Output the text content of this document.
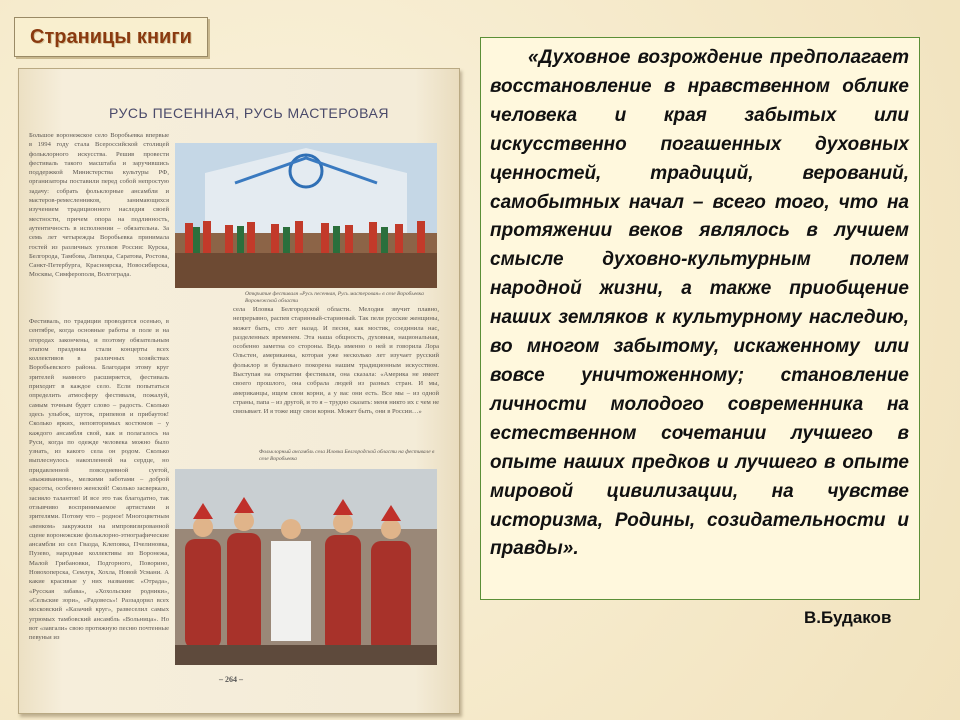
Страницы книги
РУСЬ ПЕСЕННАЯ, РУСЬ МАСТЕРОВАЯ
Большое воронежское село Воробьевка впервые в 1994 году стала Всероссийской столицей фольклорного искусства. Решив провести фестиваль такого масштаба и заручившись поддержкой Министерства культуры РФ, организаторы поставили перед собой непростую задачу: собрать фольклорные ансамбли и мастеров-ремесленников, занимающихся изучением традиционного наследия своей местности, причем опора на подлинность, аутентичность в исполнении – обязательна. За семь лет четырежды Воробьевка принимала гостей из различных уголков России: Курска, Белгорода, Тамбова, Липецка, Саратова, Ростова, Санкт-Петербурга, Красноярска, Новосибирска, Москвы, Симферополя, Волгограда.
Открытие фестиваля «Русь песенная, Русь мастеровая» в селе Воробьевка Воронежской области
села Иловка Белгородской области. Мелодия звучит плавно, непрерывно, распев старинный-старинный. Так пели русские женщины, может быть, сто лет назад. И песня, как мостик, соединила нас, разделенных временем. Эта наша общность, духовная, национальная, особенно заметна со стороны. Ведь именно о ней и говорила Лора Ольстен, американка, которая уже несколько лет изучает русский фольклор и буквально покорена нашим традиционным искусством. Выступая на открытии фестиваля, она сказала: «Америка не имеет своего прошлого, она собрала людей из разных стран. И мы, американцы, ищем свои корни, а у вас они есть. Все мы – из одной страны, папа – из другой, и то я – трудно сказать: меня никто их с чем не связывает. И я тоже ищу свои корни. Может быть, они в России…»
Фольклорный ансамбль села Иловка Белгородской области на фестивале в селе Воробьевка
Фестиваль, по традиции проводится осенью, в сентябре, когда основные работы в поле и на огородах закончены, и поэтому обязательным этапом праздника стали концерты всех коллективов в различных хозяйствах Воробьевского района. Благодаря этому круг зрителей намного расширяется, фестиваль приходит в каждое село. Если попытаться определить атмосферу фестиваля, пожалуй, самым точным будет слово – радость. Сколько здесь улыбок, шуток, припевов и прибауток! Сколько ярких, неповторимых костюмов – у каждого ансамбля свой, как и полагалось на Руси, когда по одежде человека можно было узнать, из какого села он родом. Сколько выплеснулось накопленной на сердце, но придавленной повседневной суетой, «выживанием», мелкими заботами – доброй красоты, особенно женской! Сколько засверкало, засияло талантов! И все это так благодатно, так отзывчиво воспринимаемое артистами и зрителями. Потому что – родное! Многоцветным «венком» закружили на импровизированной сцене воронежские фольклорно-этнографические ансамбли из сел Гвазда, Клеповка, Пчелиновка, Пузево, народные коллективы из Воронежа, Малой Грибановки, Подгорного, Поворино, Новохоперска, Семлук, Хохла, Новой Усмани. А какие красивые у них названия: «Отрада», «Русская забава», «Хохольские родники», «Сельские зори», «Радовесь»! Раззадорил всех московский «Казачий круг», развеселил самых угрюмых тамбовский ансамбль «Вольница». Но вот «завгали» свою протяжную песню почтенные певуньи из
– 264 –

«Духовное возрождение предполагает восстановление в нравственном облике человека и края забытых или искусственно погашенных духовных ценностей, традиций, верований, самобытных начал – всего того, что на протяжении веков являлось в лучшем смысле духовно-культурным полем народной жизни, а также приобщение наших земляков к культурному наследию, во многом забытому, искаженному или вовсе уничтоженному; становление личности молодого современника на естественном сочетании лучшего в опыте наших предков и лучшего в опыте мировой цивилизации, на чувстве историзма, Родины, созидательности и правды».

В.Будаков
